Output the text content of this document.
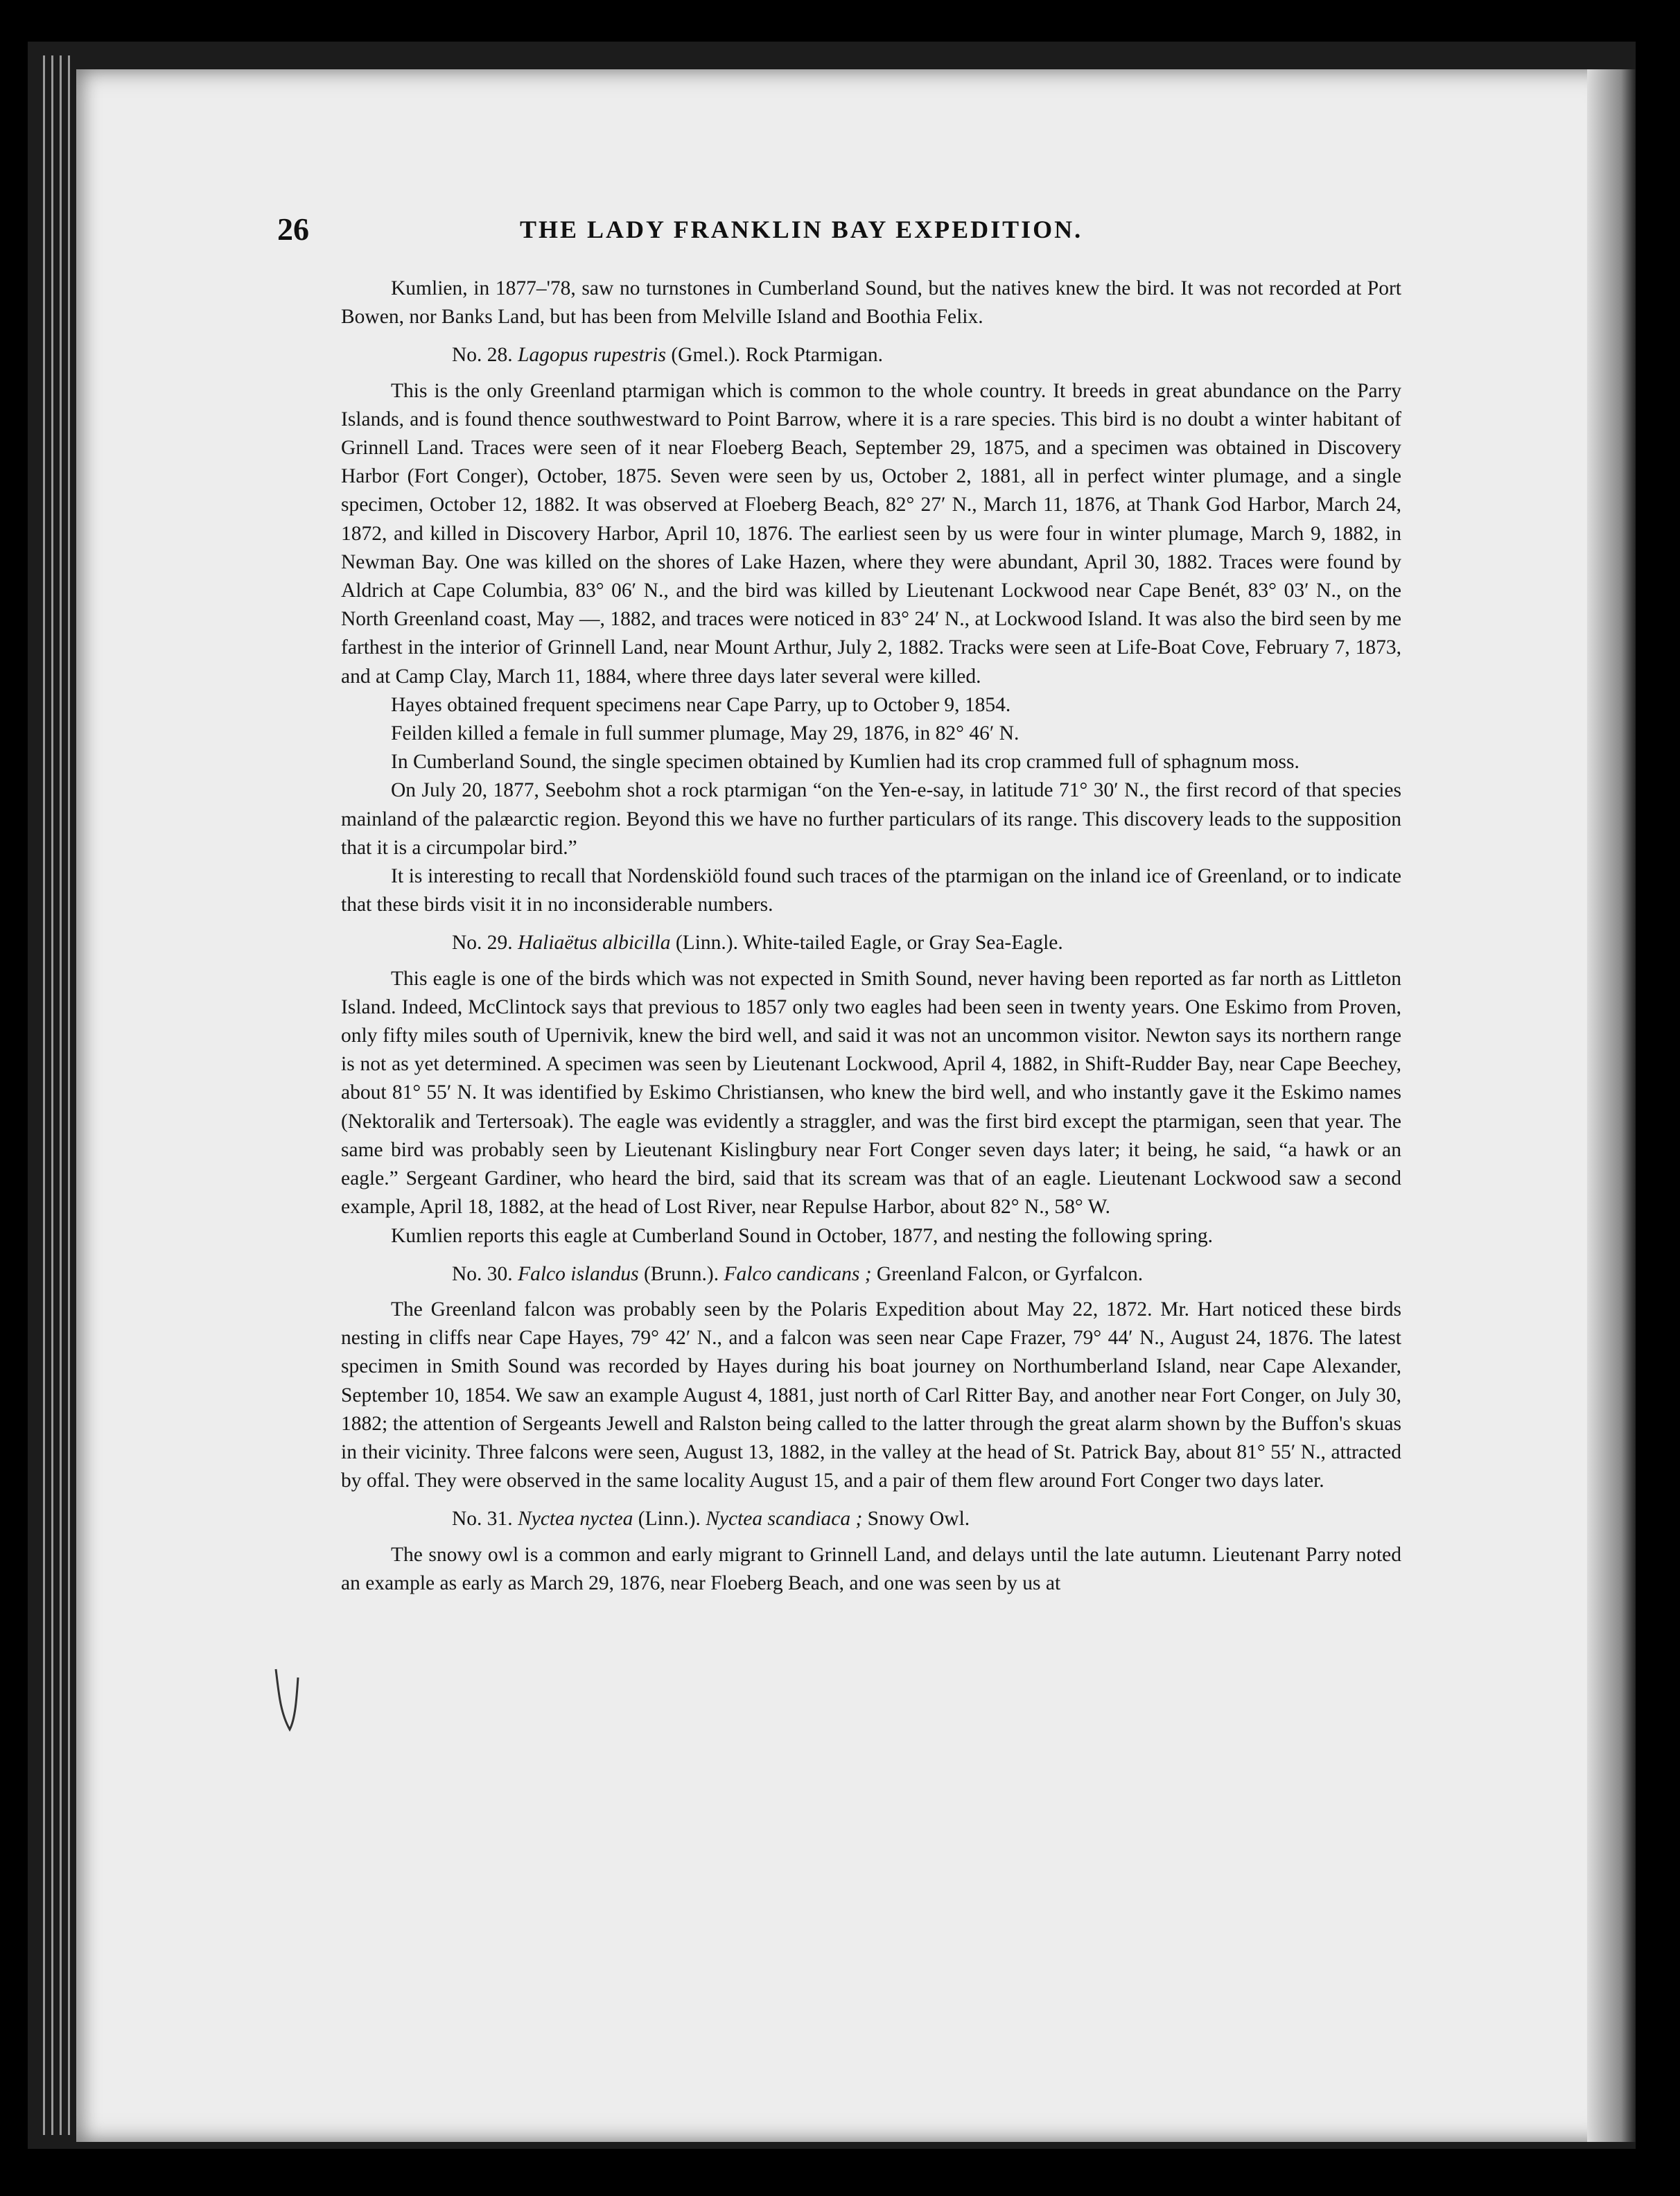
26	THE LADY FRANKLIN BAY EXPEDITION.

Kumlien, in 1877–'78, saw no turnstones in Cumberland Sound, but the natives knew the bird. It was not recorded at Port Bowen, nor Banks Land, but has been from Melville Island and Boothia Felix.

No. 28. Lagopus rupestris (Gmel.). Rock Ptarmigan.

This is the only Greenland ptarmigan which is common to the whole country. It breeds in great abundance on the Parry Islands, and is found thence southwestward to Point Barrow, where it is a rare species. This bird is no doubt a winter habitant of Grinnell Land. Traces were seen of it near Floeberg Beach, September 29, 1875, and a specimen was obtained in Discovery Harbor (Fort Conger), October, 1875. Seven were seen by us, October 2, 1881, all in perfect winter plumage, and a single specimen, October 12, 1882. It was observed at Floeberg Beach, 82° 27′ N., March 11, 1876, at Thank God Harbor, March 24, 1872, and killed in Discovery Harbor, April 10, 1876. The earliest seen by us were four in winter plumage, March 9, 1882, in Newman Bay. One was killed on the shores of Lake Hazen, where they were abundant, April 30, 1882. Traces were found by Aldrich at Cape Columbia, 83° 06′ N., and the bird was killed by Lieutenant Lockwood near Cape Benét, 83° 03′ N., on the North Greenland coast, May —, 1882, and traces were noticed in 83° 24′ N., at Lockwood Island. It was also the bird seen by me farthest in the interior of Grinnell Land, near Mount Arthur, July 2, 1882. Tracks were seen at Life-Boat Cove, February 7, 1873, and at Camp Clay, March 11, 1884, where three days later several were killed.

Hayes obtained frequent specimens near Cape Parry, up to October 9, 1854.

Feilden killed a female in full summer plumage, May 29, 1876, in 82° 46′ N.

In Cumberland Sound, the single specimen obtained by Kumlien had its crop crammed full of sphagnum moss.

On July 20, 1877, Seebohm shot a rock ptarmigan “on the Yen-e-say, in latitude 71° 30′ N., the first record of that species mainland of the palæarctic region. Beyond this we have no further particulars of its range. This discovery leads to the supposition that it is a circumpolar bird.”

It is interesting to recall that Nordenskiöld found such traces of the ptarmigan on the inland ice of Greenland, or to indicate that these birds visit it in no inconsiderable numbers.

No. 29. Haliaëtus albicilla (Linn.). White-tailed Eagle, or Gray Sea-Eagle.

This eagle is one of the birds which was not expected in Smith Sound, never having been reported as far north as Littleton Island. Indeed, McClintock says that previous to 1857 only two eagles had been seen in twenty years. One Eskimo from Proven, only fifty miles south of Upernivik, knew the bird well, and said it was not an uncommon visitor. Newton says its northern range is not as yet determined. A specimen was seen by Lieutenant Lockwood, April 4, 1882, in Shift-Rudder Bay, near Cape Beechey, about 81° 55′ N. It was identified by Eskimo Christiansen, who knew the bird well, and who instantly gave it the Eskimo names (Nektoralik and Tertersoak). The eagle was evidently a straggler, and was the first bird except the ptarmigan, seen that year. The same bird was probably seen by Lieutenant Kislingbury near Fort Conger seven days later; it being, he said, “a hawk or an eagle.” Sergeant Gardiner, who heard the bird, said that its scream was that of an eagle. Lieutenant Lockwood saw a second example, April 18, 1882, at the head of Lost River, near Repulse Harbor, about 82° N., 58° W.

Kumlien reports this eagle at Cumberland Sound in October, 1877, and nesting the following spring.

No. 30. Falco islandus (Brunn.). Falco candicans ; Greenland Falcon, or Gyrfalcon.

The Greenland falcon was probably seen by the Polaris Expedition about May 22, 1872. Mr. Hart noticed these birds nesting in cliffs near Cape Hayes, 79° 42′ N., and a falcon was seen near Cape Frazer, 79° 44′ N., August 24, 1876. The latest specimen in Smith Sound was recorded by Hayes during his boat journey on Northumberland Island, near Cape Alexander, September 10, 1854. We saw an example August 4, 1881, just north of Carl Ritter Bay, and another near Fort Conger, on July 30, 1882; the attention of Sergeants Jewell and Ralston being called to the latter through the great alarm shown by the Buffon's skuas in their vicinity. Three falcons were seen, August 13, 1882, in the valley at the head of St. Patrick Bay, about 81° 55′ N., attracted by offal. They were observed in the same locality August 15, and a pair of them flew around Fort Conger two days later.

No. 31. Nyctea nyctea (Linn.). Nyctea scandiaca ; Snowy Owl.

The snowy owl is a common and early migrant to Grinnell Land, and delays until the late autumn. Lieutenant Parry noted an example as early as March 29, 1876, near Floeberg Beach, and one was seen by us at
